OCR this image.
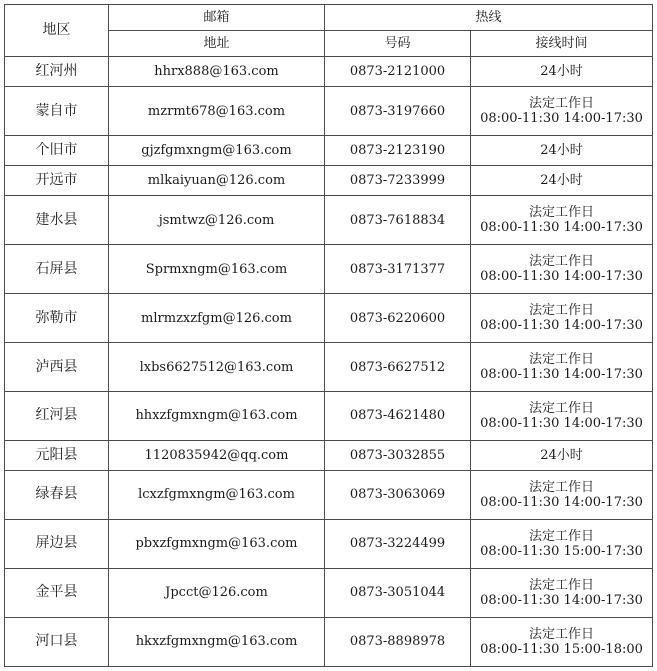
地区	邮箱	热线	
	地址	号码	接线时间
红河州	hhrx888@163.com	0873-2121000	24小时

蒙自市	mzrmt678@163.com	0873-3197660	法定工作日
08:00-11:30 14:00-17:30

个旧市	gjzfgmxngm@163.com	0873-2123190	24小时

开远市	mlkaiyuan@126.com	0873-7233999	24小时

建水县	jsmtwz@126.com	0873-7618834	法定工作日
08:00-11:30 14:00-17:30

石屏县	Sprmxngm@163.com	0873-3171377	法定工作日
08:00-11:30 14:00-17:30

弥勒市	mlrmzxzfgm@126.com	0873-6220600	法定工作日
08:00-11:30 14:00-17:30

泸西县	lxbs6627512@163.com	0873-6627512	法定工作日
08:00-11:30 14:00-17:30

红河县	hhxzfgmxngm@163.com	0873-4621480	法定工作日
08:00-11:30 14:00-17:30

元阳县	1120835942@qq.com	0873-3032855	24小时

绿春县	lcxzfgmxngm@163.com	0873-3063069	法定工作日
08:00-11:30 14:00-17:30

屏边县	pbxzfgmxngm@163.com	0873-3224499	法定工作日
08:00-11:30 15:00-17:30

金平县	Jpcct@126.com	0873-3051044	法定工作日
08:00-11:30 14:00-17:30

河口县	hkxzfgmxngm@163.com	0873-8898978	法定工作日
08:00-11:30 15:00-18:00
